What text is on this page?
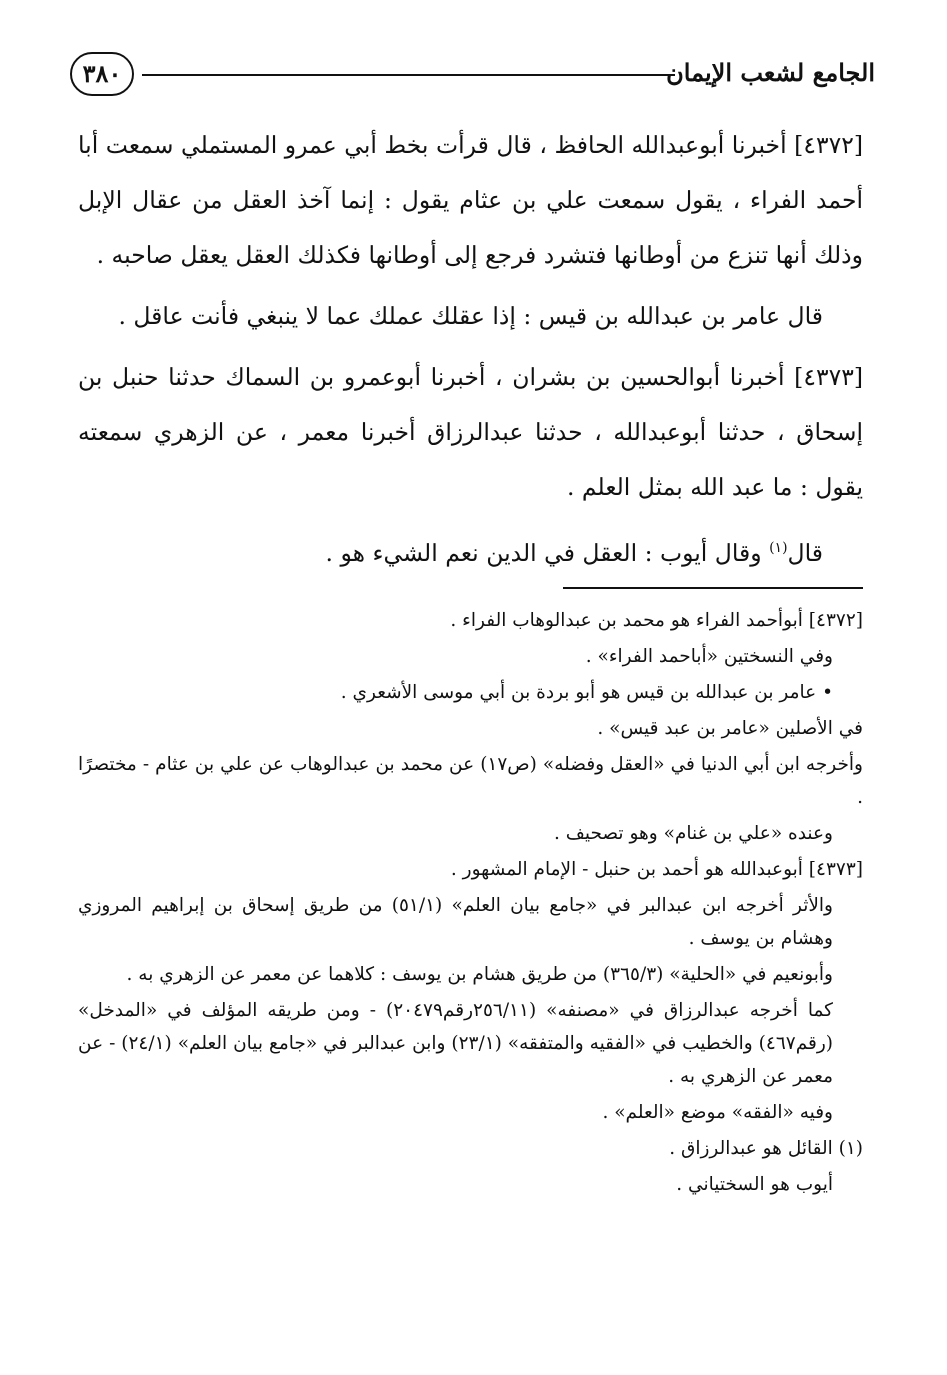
الجامع لشعب الإيمان
٣٨٠

[٤٣٧٢] أخبرنا أبوعبدالله الحافظ ، قال قرأت بخط أبي عمرو المستملي سمعت أبا أحمد الفراء ، يقول سمعت علي بن عثام يقول : إنما آخذ العقل من عقال الإبل وذلك أنها تنزع من أوطانها فتشرد فرجع إلى أوطانها فكذلك العقل يعقل صاحبه .

قال عامر بن عبدالله بن قيس : إذا عقلك عملك عما لا ينبغي فأنت عاقل .

[٤٣٧٣] أخبرنا أبوالحسين بن بشران ، أخبرنا أبوعمرو بن السماك حدثنا حنبل بن إسحاق ، حدثنا أبوعبدالله ، حدثنا عبدالرزاق أخبرنا معمر ، عن الزهري سمعته يقول : ما عبد الله بمثل العلم .

قال$^{(١)}$ وقال أيوب : العقل في الدين نعم الشيء هو .

[٤٣٧٢] أبوأحمد الفراء هو محمد بن عبدالوهاب الفراء .

وفي النسختين «أباحمد الفراء» .

• عامر بن عبدالله بن قيس هو أبو بردة بن أبي موسى الأشعري .

في الأصلين «عامر بن عبد قيس» .

وأخرجه ابن أبي الدنيا في «العقل وفضله» (ص١٧) عن محمد بن عبدالوهاب عن علي بن عثام - مختصرًا .

وعنده «علي بن غنام» وهو تصحيف .

[٤٣٧٣] أبوعبدالله هو أحمد بن حنبل - الإمام المشهور .

والأثر أخرجه ابن عبدالبر في «جامع بيان العلم» (٥١/١) من طريق إسحاق بن إبراهيم المروزي وهشام بن يوسف .

وأبونعيم في «الحلية» (٣٦٥/٣) من طريق هشام بن يوسف : كلاهما عن معمر عن الزهري به .

كما أخرجه عبدالرزاق في «مصنفه» (٢٥٦/١١رقم٢٠٤٧٩) - ومن طريقه المؤلف في «المدخل» (رقم٤٦٧) والخطيب في «الفقيه والمتفقه» (٢٣/١) وابن عبدالبر في «جامع بيان العلم» (٢٤/١) - عن معمر عن الزهري به .

وفيه «الفقه» موضع «العلم» .

(١) القائل هو عبدالرزاق .

أيوب هو السختياني .
